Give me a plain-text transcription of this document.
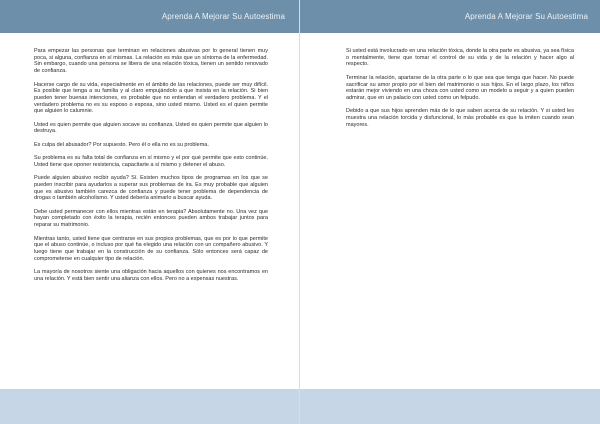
Aprenda A Mejorar Su Autoestima

Para empezar las personas que terminan en relaciones abusivas por lo general tienen muy poca, si alguna, confianza en sí mismas. La relación es más que un síntoma de la enfermedad. Sin embargo, cuando una persona se libera de una relación tóxica, tienen un sentido renovado de confianza.

Hacerse cargo de su vida, especialmente en el ámbito de las relaciones, puede ser muy difícil. Es posible que tenga a su familia y al claro empujándolo a que insista en la relación. Si bien pueden tener buenas intenciones, es probable que no entiendan el verdadero problema. Y el verdadero problema no es su esposo o esposa, sino usted mismo. Usted es el quien permite que alguien lo calumnie.

Usted es quien permite que alguien socave su confianza. Usted es quien permite que alguien lo destruya.

Es culpa del abusador? Por supuesto. Pero él o ella no es su problema.

Su problema es su falta total de confianza en sí mismo y el por qué permite que esto continúe. Usted tiene que oponer resistencia, capacitarte a sí mismo y detener el abuso.

Puede alguien abusivo recibir ayuda? Sí. Existen muchos tipos de programas en los que se pueden inscribir para ayudarlos a superar sus problemas de ira. Es muy probable que alguien que es abusivo también carezca de confianza y puede tener problema de dependencia de drogas o también alcoholismo. Y usted debería animarlo a buscar ayuda.

Debe usted permanecer con ellos mientras están en terapia? Absolutamente no. Una vez que hayan completado con éxito la terapia, recién entonces pueden ambos trabajar juntos para reparar su matrimonio.

Mientras tanto, usted tiene que centrarse en sus propios problemas, que es por lo que permite que el abuso continúe, o incluso por qué ha elegido una relación con un compañero abusivo. Y luego tiene que trabajar en la construcción de su confianza. Sólo entonces será capaz de comprometerse en cualquier tipo de relación.

La mayoría de nosotros siente una obligación hacia aquellos con quienes nos encontramos en una relación. Y está bien sentir una alianza con ellos. Pero no a expensas nuestras.

Aprenda A Mejorar Su Autoestima

Si usted está involucrado en una relación tóxica, donde la otra parte es abusiva, ya sea física o mentalmente, tiene que tomar el control de su vida y de la relación y hacer algo al respecto.

Terminar la relación, apartarse de la otra parte o lo que sea que tenga que hacer. No puede sacrificar su amor propio por el bien del matrimonio o sus hijos. En el largo plazo, los niños estarán mejor viviendo en una choza con usted como un modelo a seguir y a quien pueden admirar, que en un palacio con usted como un felpudo.

Debido a que sus hijos aprenden más de lo que saben acerca de su relación. Y si usted les muestra una relación torcida y disfuncional, lo más probable es que la imiten cuando sean mayores.
